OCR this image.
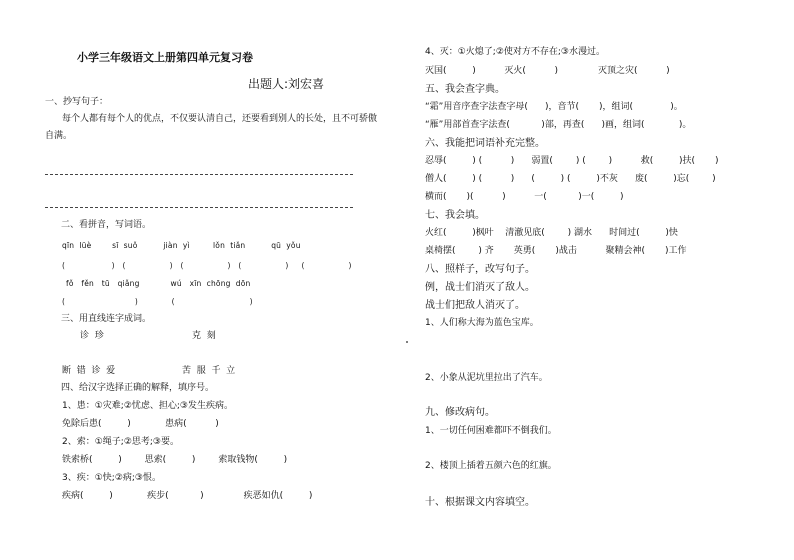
小学三年级语文上册第四单元复习卷
出题人:刘宏喜
一、抄写句子：
每个人都有每个人的优点，不仅要认清自己，还要看到别人的长处，且不可骄傲
自满。
二、看拼音，写词语。
qīn  lüè        sī  suǒ          jiàn  yì         lǒn  tiǎn          qū  yǒu
(                  )   (                 )   (                 )   (                 )     (                 )
fǒ   fěn   tū   qiǎng            wú   xīn  chōng  dōn
(                           )             (                             )
三、用直线连字成词。
诊  珍	克  刻
断  错  诊  爱	苦  服  千  立
四、给汉字选择正确的解释，填序号。
1、患：①灾难;②忧虑、担心;③发生疾病。
免除后患(         )            患病(          )
2、索：①绳子;②思考;③要。
铁索桥(         )        思索(         )        索取钱物(         )
3、疾：①快;②病;③恨。
疾病(         )            疾步(           )              疾恶如仇(         )
4、灭：①火熄了;②使对方不存在;③水漫过。
灭国(         )          灭火(          )              灭顶之灾(          )
五、我会查字典。
“霜”用音序查字法查字母(      )，音节(       )，组词(             )。
“雁”用部首查字法查(           )部，再查(      )画，组词(            )。
六、我能把词语补充完整。
忍辱(         ) (          )      弱置(        ) (        )          救(         )扶(       )
僧人(         ) (          )      (         ) (         )不灰      废(         )忘(        )
横而(       )(          )          一(           )一(         )
七、我会填。
火红(         )枫叶    清澈见底(        ) 湖水      时间过(         )快
桌椅摆(        ) 齐       英勇(       )战击          聚精会神(       )工作
八、照样子，改写句子。
例，战士们消灭了敌人。
战士们把敌人消灭了。
1、人们称大海为蓝色宝库。
2、小象从泥坑里拉出了汽车。
九、修改病句。
1、一切任何困难都吓不倒我们。
2、楼顶上插着五颜六色的红旗。
十、根据课文内容填空。
